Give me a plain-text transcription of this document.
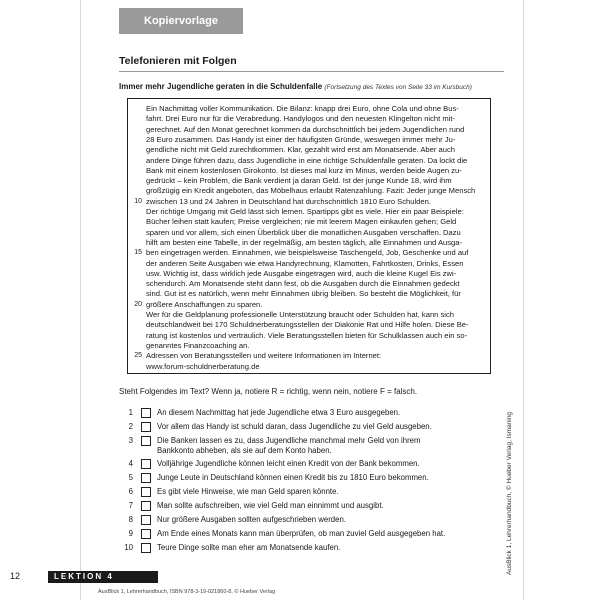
Kopiervorlage
Telefonieren mit Folgen
Immer mehr Jugendliche geraten in die Schuldenfalle (Fortsetzung des Textes von Seite 33 im Kursbuch)
Ein Nachmittag voller Kommunikation. Die Bilanz: knapp drei Euro, ohne Cola und ohne Bus-
fahrt. Drei Euro nur für die Verabredung. Handylogos und den neuesten Klingelton nicht mit-
gerechnet. Auf den Monat gerechnet kommen da durchschnittlich bei jedem Jugendlichen rund
28 Euro zusammen. Das Handy ist einer der häufigsten Gründe, weswegen immer mehr Ju-
gendliche nicht mit Geld zurechtkommen. Klar, gezahlt wird erst am Monatsende. Aber auch
andere Dinge führen dazu, dass Jugendliche in eine richtige Schuldenfalle geraten. Da lockt die
Bank mit einem kostenlosen Girokonto. Ist dieses mal kurz im Minus, werden beide Augen zu-
gedrückt – kein Problem, die Bank verdient ja daran Geld. Ist der junge Kunde 18, wird ihm
großzügig ein Kredit angeboten, das Möbelhaus erlaubt Ratenzahlung. Fazit: Jeder junge Mensch
10 zwischen 13 und 24 Jahren in Deutschland hat durchschnittlich 1810 Euro Schulden.
Der richtige Umgang mit Geld lässt sich lernen. Spartipps gibt es viele. Hier ein paar Beispiele:
Bücher leihen statt kaufen; Preise vergleichen; nie mit leerem Magen einkaufen gehen; Geld
sparen und vor allem, sich einen Überblick über die monatlichen Ausgaben verschaffen. Dazu
hilft am besten eine Tabelle, in der regelmäßig, am besten täglich, alle Einnahmen und Ausga-
15 ben eingetragen werden. Einnahmen, wie beispielsweise Taschengeld, Job, Geschenke und auf
der anderen Seite Ausgaben wie etwa Handyrechnung, Klamotten, Fahrtkosten, Drinks, Essen
usw. Wichtig ist, dass wirklich jede Ausgabe eingetragen wird, auch die kleine Kugel Eis zwi-
schendurch. Am Monatsende steht dann fest, ob die Ausgaben durch die Einnahmen gedeckt
sind. Gut ist es natürlich, wenn mehr Einnahmen übrig bleiben. So besteht die Möglichkeit, für
20 größere Anschaffungen zu sparen.
Wer für die Geldplanung professionelle Unterstützung braucht oder Schulden hat, kann sich
deutschlandweit bei 170 Schuldnerberatungsstellen der Diakonie Rat und Hilfe holen. Diese Be-
ratung ist kostenlos und vertraulich. Viele Beratungsstellen bieten für Schulklassen auch ein so-
genanntes Finanzcoaching an.
25 Adressen von Beratungsstellen und weitere Informationen im Internet:
www.forum-schuldnerberatung.de
Steht Folgendes im Text? Wenn ja, notiere R = richtig, wenn nein, notiere F = falsch.
1	An diesem Nachmittag hat jede Jugendliche etwa 3 Euro ausgegeben.
2	Vor allem das Handy ist schuld daran, dass Jugendliche zu viel Geld ausgeben.
3	Die Banken lassen es zu, dass Jugendliche manchmal mehr Geld von ihrem Bankkonto abheben, als sie auf dem Konto haben.
4	Volljährige Jugendliche können leicht einen Kredit von der Bank bekommen.
5	Junge Leute in Deutschland können einen Kredit bis zu 1810 Euro bekommen.
6	Es gibt viele Hinweise, wie man Geld sparen könnte.
7	Man sollte aufschreiben, wie viel Geld man einnimmt und ausgibt.
8	Nur größere Ausgaben sollten aufgeschrieben werden.
9	Am Ende eines Monats kann man überprüfen, ob man zuviel Geld ausgegeben hat.
10	Teure Dinge sollte man eher am Monatsende kaufen.	AusBlick 1, Lehrerhandbuch, © Hueber Verlag, Ismaning
12	LEKTION 4
AusBlick 1, Lehrerhandbuch, ISBN 978-3-19-021860-8, © Hueber Verlag
